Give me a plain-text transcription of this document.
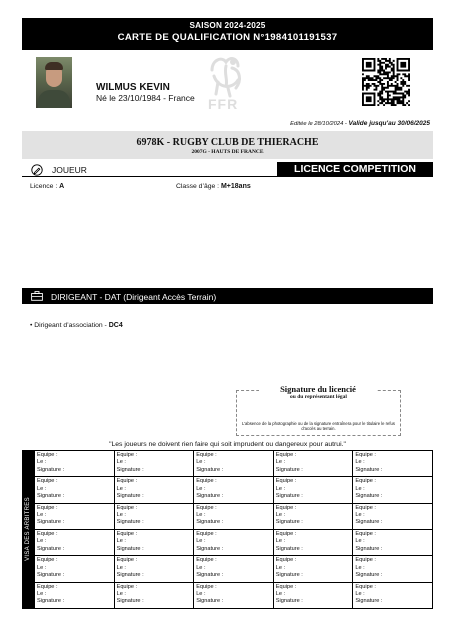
SAISON 2024-2025
CARTE DE QUALIFICATION N°1984101191537
WILMUS KEVIN
Né le 23/10/1984 - France FFR
Editée le 28/10/2024 - Valide jusqu'au 30/06/2025
6978K - RUGBY CLUB DE THIERACHE
2007G - HAUTS DE FRANCE
JOUEUR	LICENCE COMPETITION
Licence : A	Classe d’âge : M+18ans
DIRIGEANT - DAT (Dirigeant Accès Terrain)
• Dirigeant d’association - DC4
Signature du licencié
ou du représentant légal
L’absence de la photographie ou de la signature entraînera pour le titulaire le refus d’accès au terrain.
"Les joueurs ne doivent rien faire qui soit imprudent ou dangereux pour autrui."
VISA DES ARBITRES
Equipe :
Le :
Signature :
Equipe :
Le :
Signature :
Equipe :
Le :
Signature :
Equipe :
Le :
Signature :
Equipe :
Le :
Signature :
Equipe :
Le :
Signature :
Equipe :
Le :
Signature :
Equipe :
Le :
Signature :
Equipe :
Le :
Signature :
Equipe :
Le :
Signature :
Equipe :
Le :
Signature :
Equipe :
Le :
Signature :
Equipe :
Le :
Signature :
Equipe :
Le :
Signature :
Equipe :
Le :
Signature :
Equipe :
Le :
Signature :
Equipe :
Le :
Signature :
Equipe :
Le :
Signature :
Equipe :
Le :
Signature :
Equipe :
Le :
Signature :
Equipe :
Le :
Signature :
Equipe :
Le :
Signature :
Equipe :
Le :
Signature :
Equipe :
Le :
Signature :
Equipe :
Le :
Signature :
Equipe :
Le :
Signature :
Equipe :
Le :
Signature :
Equipe :
Le :
Signature :
Equipe :
Le :
Signature :
Equipe :
Le :
Signature :
